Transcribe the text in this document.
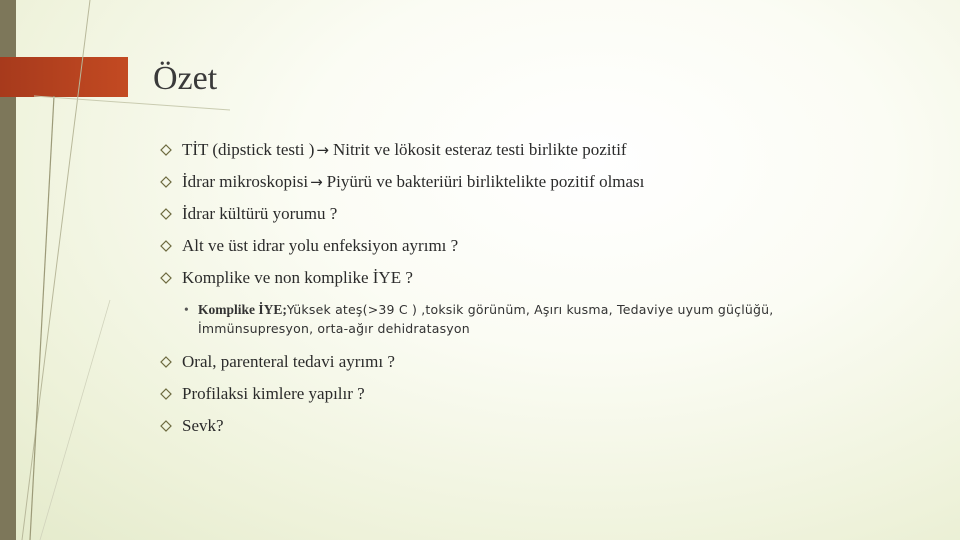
Özet
TİT (dipstick testi ) → Nitrit ve lökosit esteraz testi birlikte pozitif
İdrar mikroskopisi → Piyürü ve bakteriüri birliktelikte pozitif olması
İdrar kültürü yorumu ?
Alt ve üst idrar yolu enfeksiyon ayrımı ?
Komplike ve non komplike İYE ?
• Komplike İYE;Yüksek ateş(>39 C ) ,toksik görünüm, Aşırı kusma, Tedaviye uyum güçlüğü,
İmmünsupresyon, orta-ağır dehidratasyon
Oral, parenteral tedavi ayrımı ?
Profilaksi kimlere yapılır ?
Sevk?
